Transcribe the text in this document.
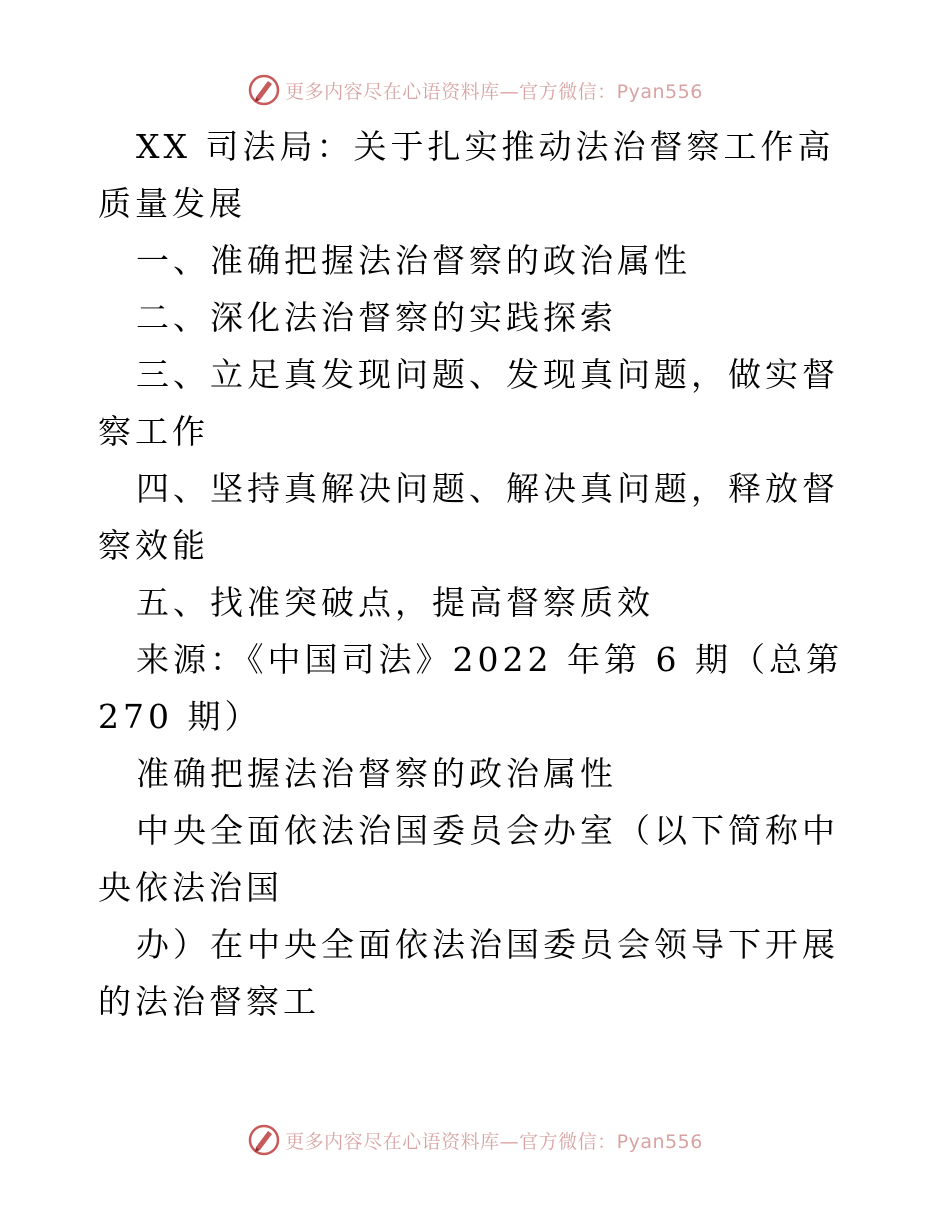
更多内容尽在心语资料库—官方微信：Pyan556

XX 司法局：关于扎实推动法治督察工作高质量发展

一、准确把握法治督察的政治属性

二、深化法治督察的实践探索

三、立足真发现问题、发现真问题，做实督察工作

四、坚持真解决问题、解决真问题，释放督察效能

五、找准突破点，提高督察质效

来源：《中国司法》2022 年第 6 期（总第 270 期）

准确把握法治督察的政治属性

中央全面依法治国委员会办室（以下简称中央依法治国

办）在中央全面依法治国委员会领导下开展的法治督察工

更多内容尽在心语资料库—官方微信：Pyan556
